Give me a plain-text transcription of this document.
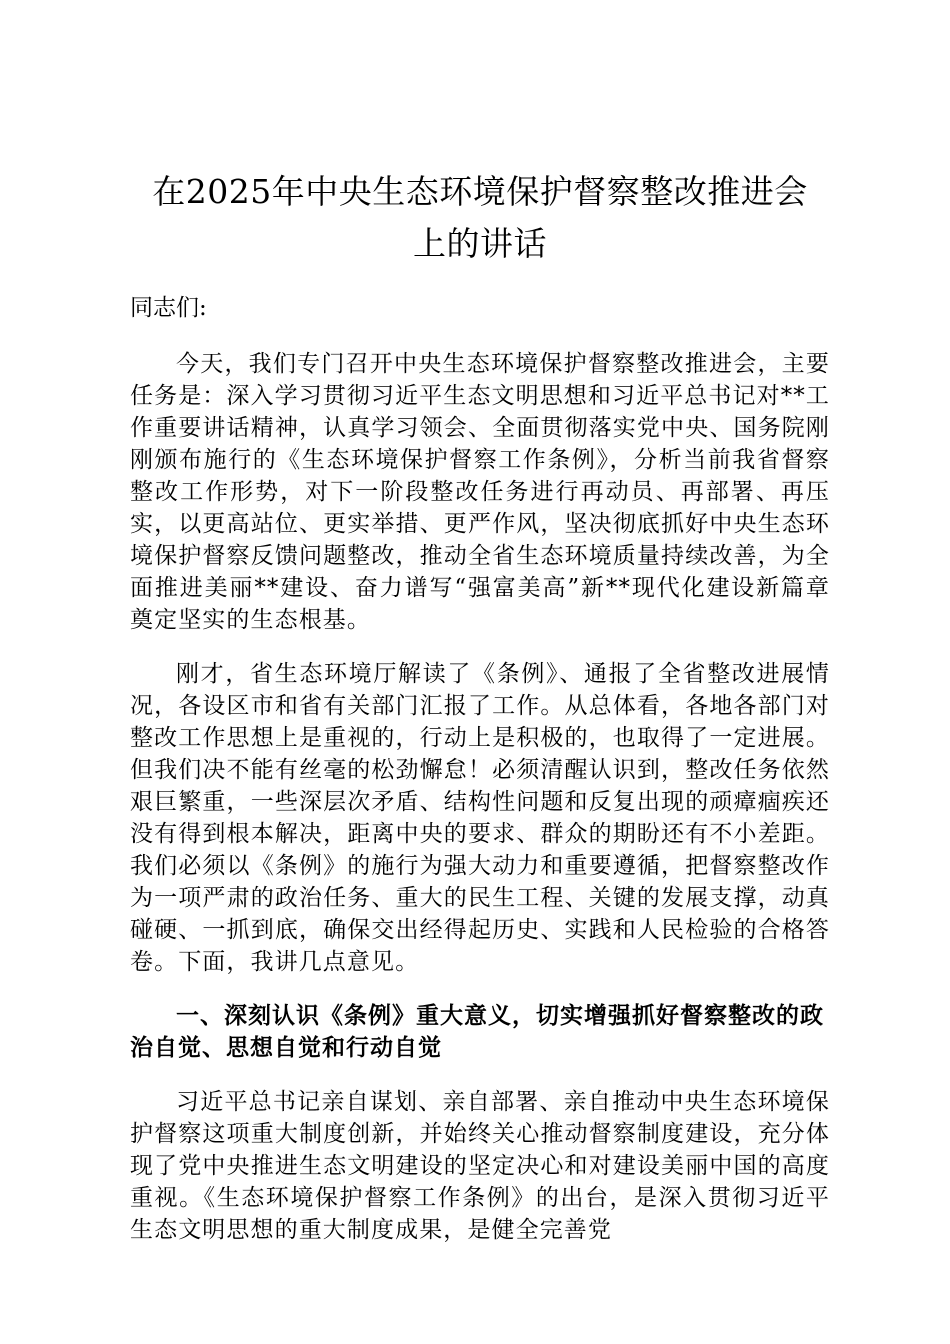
在2025年中央生态环境保护督察整改推进会
上的讲话

同志们:

今天，我们专门召开中央生态环境保护督察整改推进会，主要任务是：深入学习贯彻习近平生态文明思想和习近平总书记对**工作重要讲话精神，认真学习领会、全面贯彻落实党中央、国务院刚刚颁布施行的《生态环境保护督察工作条例》，分析当前我省督察整改工作形势，对下一阶段整改任务进行再动员、再部署、再压实，以更高站位、更实举措、更严作风，坚决彻底抓好中央生态环境保护督察反馈问题整改，推动全省生态环境质量持续改善，为全面推进美丽**建设、奋力谱写“强富美高”新**现代化建设新篇章奠定坚实的生态根基。

刚才，省生态环境厅解读了《条例》、通报了全省整改进展情况，各设区市和省有关部门汇报了工作。从总体看，各地各部门对整改工作思想上是重视的，行动上是积极的，也取得了一定进展。但我们决不能有丝毫的松劲懈怠！必须清醒认识到，整改任务依然艰巨繁重，一些深层次矛盾、结构性问题和反复出现的顽瘴痼疾还没有得到根本解决，距离中央的要求、群众的期盼还有不小差距。我们必须以《条例》的施行为强大动力和重要遵循，把督察整改作为一项严肃的政治任务、重大的民生工程、关键的发展支撑，动真碰硬、一抓到底，确保交出经得起历史、实践和人民检验的合格答卷。下面，我讲几点意见。

一、深刻认识《条例》重大意义，切实增强抓好督察整改的政治自觉、思想自觉和行动自觉

习近平总书记亲自谋划、亲自部署、亲自推动中央生态环境保护督察这项重大制度创新，并始终关心推动督察制度建设，充分体现了党中央推进生态文明建设的坚定决心和对建设美丽中国的高度重视。《生态环境保护督察工作条例》的出台，是深入贯彻习近平生态文明思想的重大制度成果，是健全完善党
